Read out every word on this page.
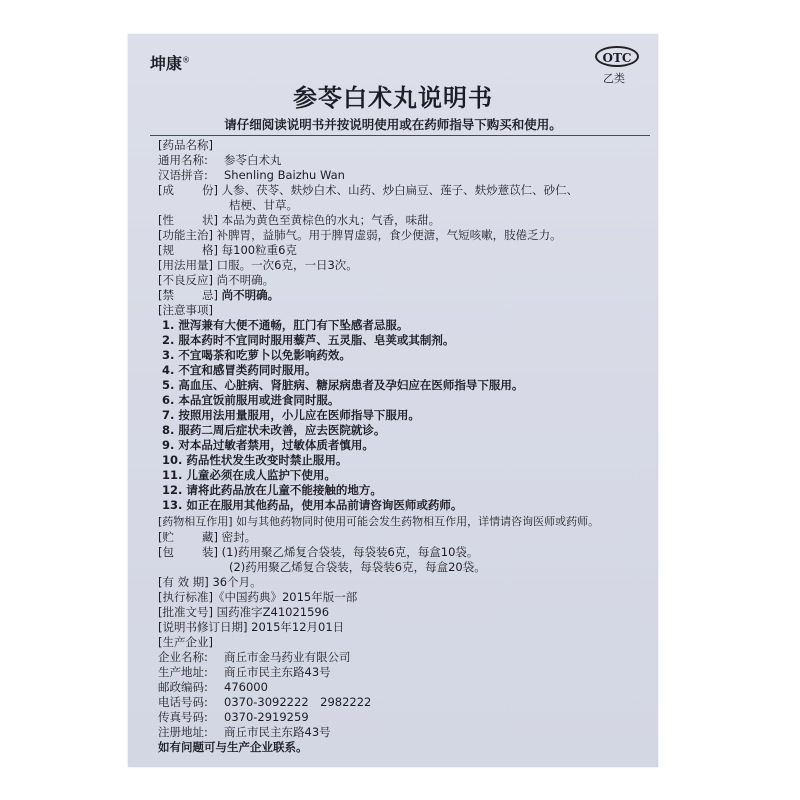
坤康®	OTC
乙类
参苓白术丸说明书
请仔细阅读说明书并按说明使用或在药师指导下购买和使用。
[药品名称]
通用名称: 参苓白术丸
汉语拼音: Shenling Baizhu Wan
[成 份] 人参、茯苓、麸炒白术、山药、炒白扁豆、莲子、麸炒薏苡仁、砂仁、
桔梗、甘草。
[性 状] 本品为黄色至黄棕色的水丸；气香，味甜。
[功能主治] 补脾胃，益肺气。用于脾胃虚弱，食少便溏，气短咳嗽，肢倦乏力。
[规 格] 每100粒重6克
[用法用量] 口服。一次6克，一日3次。
[不良反应] 尚不明确。
[禁 忌] 尚不明确。
[注意事项]
1. 泄泻兼有大便不通畅，肛门有下坠感者忌服。
2. 服本药时不宜同时服用藜芦、五灵脂、皂荚或其制剂。
3. 不宜喝茶和吃萝卜以免影响药效。
4. 不宜和感冒类药同时服用。
5. 高血压、心脏病、肾脏病、糖尿病患者及孕妇应在医师指导下服用。
6. 本品宜饭前服用或进食同时服。
7. 按照用法用量服用，小儿应在医师指导下服用。
8. 服药二周后症状未改善，应去医院就诊。
9. 对本品过敏者禁用，过敏体质者慎用。
10. 药品性状发生改变时禁止服用。
11. 儿童必须在成人监护下使用。
12. 请将此药品放在儿童不能接触的地方。
13. 如正在服用其他药品，使用本品前请咨询医师或药师。
[药物相互作用] 如与其他药物同时使用可能会发生药物相互作用，详情请咨询医师或药师。
[贮 藏] 密封。
[包 装] (1)药用聚乙烯复合袋装，每袋装6克，每盒10袋。
(2)药用聚乙烯复合袋装，每袋装6克，每盒20袋。
[有 效 期] 36个月。
[执行标准]《中国药典》2015年版一部
[批准文号] 国药准字Z41021596
[说明书修订日期] 2015年12月01日
[生产企业]
企业名称: 商丘市金马药业有限公司
生产地址: 商丘市民主东路43号
邮政编码: 476000
电话号码: 0370-3092222　2982222
传真号码: 0370-2919259
注册地址: 商丘市民主东路43号
如有问题可与生产企业联系。
